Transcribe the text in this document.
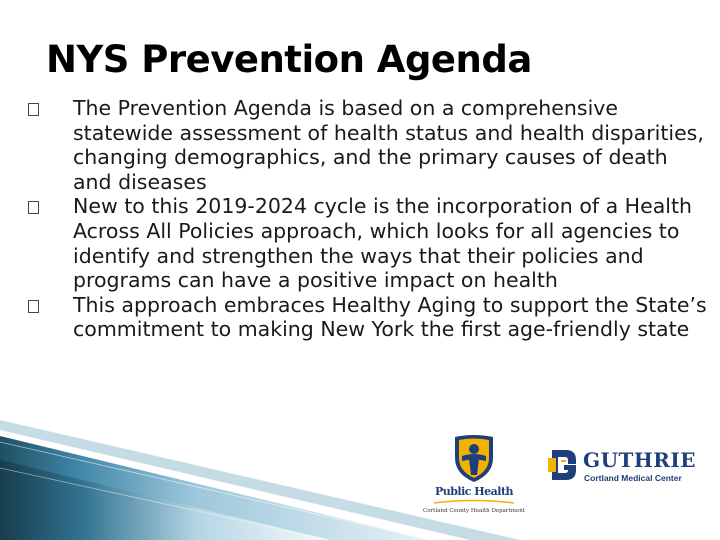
NYS Prevention Agenda
The Prevention Agenda is based on a comprehensive statewide assessment of health status and health disparities, changing demographics, and the primary causes of death and diseases
New to this 2019-2024 cycle is the incorporation of a Health Across All Policies approach, which looks for all agencies to identify and strengthen the ways that their policies and programs can have a positive impact on health
This approach embraces Healthy Aging to support the State’s commitment to making New York the first age-friendly state
Public Health
Cortland County Health Department
GUTHRIE
Cortland Medical Center
